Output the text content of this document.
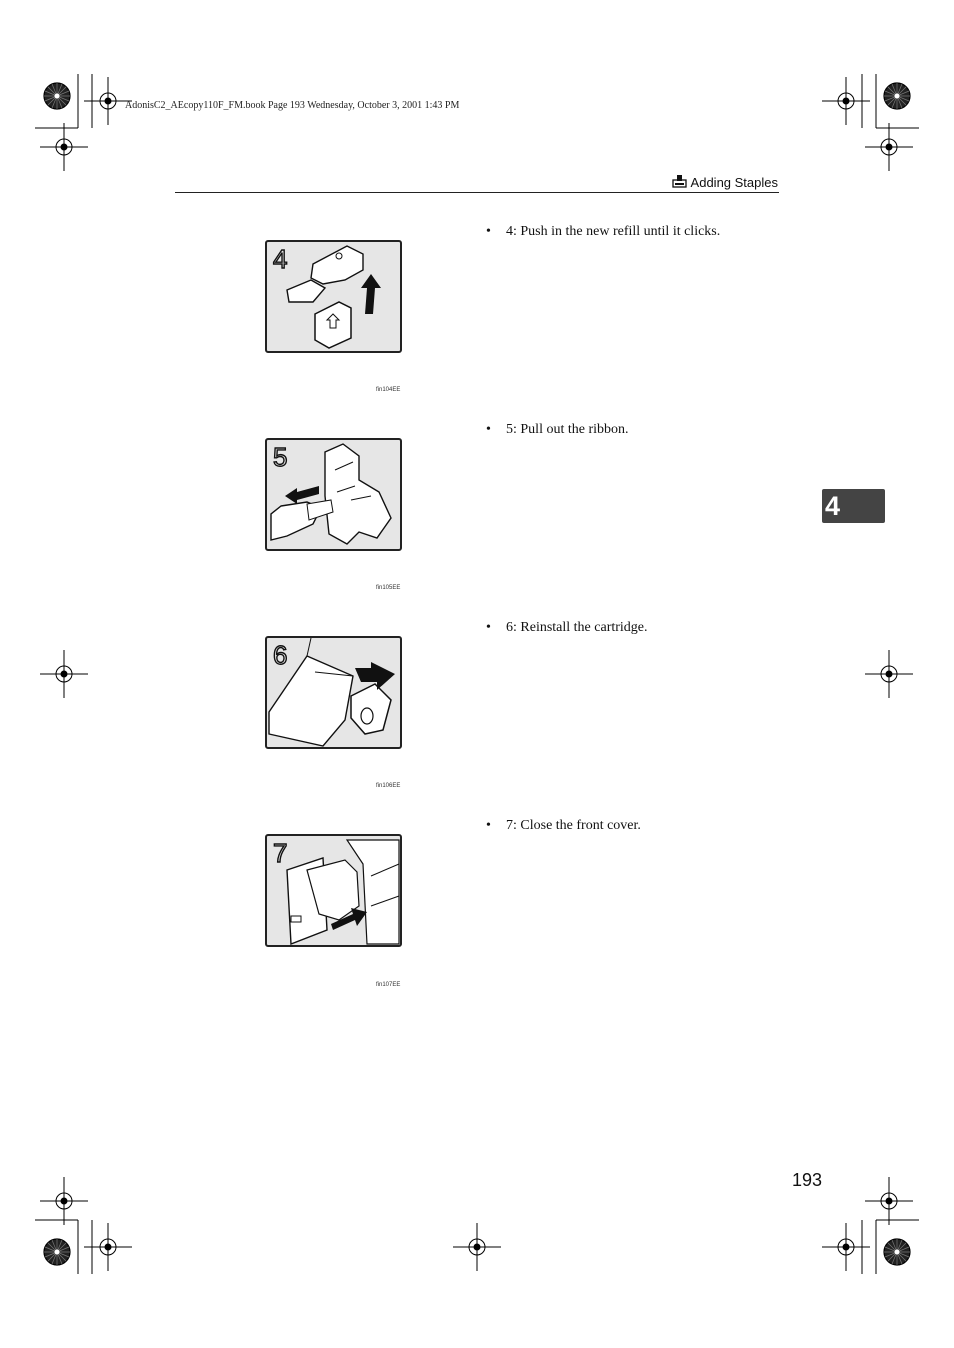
AdonisC2_AEcopy110F_FM.book Page 193 Wednesday, October 3, 2001 1:43 PM
Adding Staples
4
4
fin104EE
• 4: Push in the new refill until it clicks.
5
fin105EE
• 5: Pull out the ribbon.
6
fin106EE
• 6: Reinstall the cartridge.
7
fin107EE
• 7: Close the front cover.
193
